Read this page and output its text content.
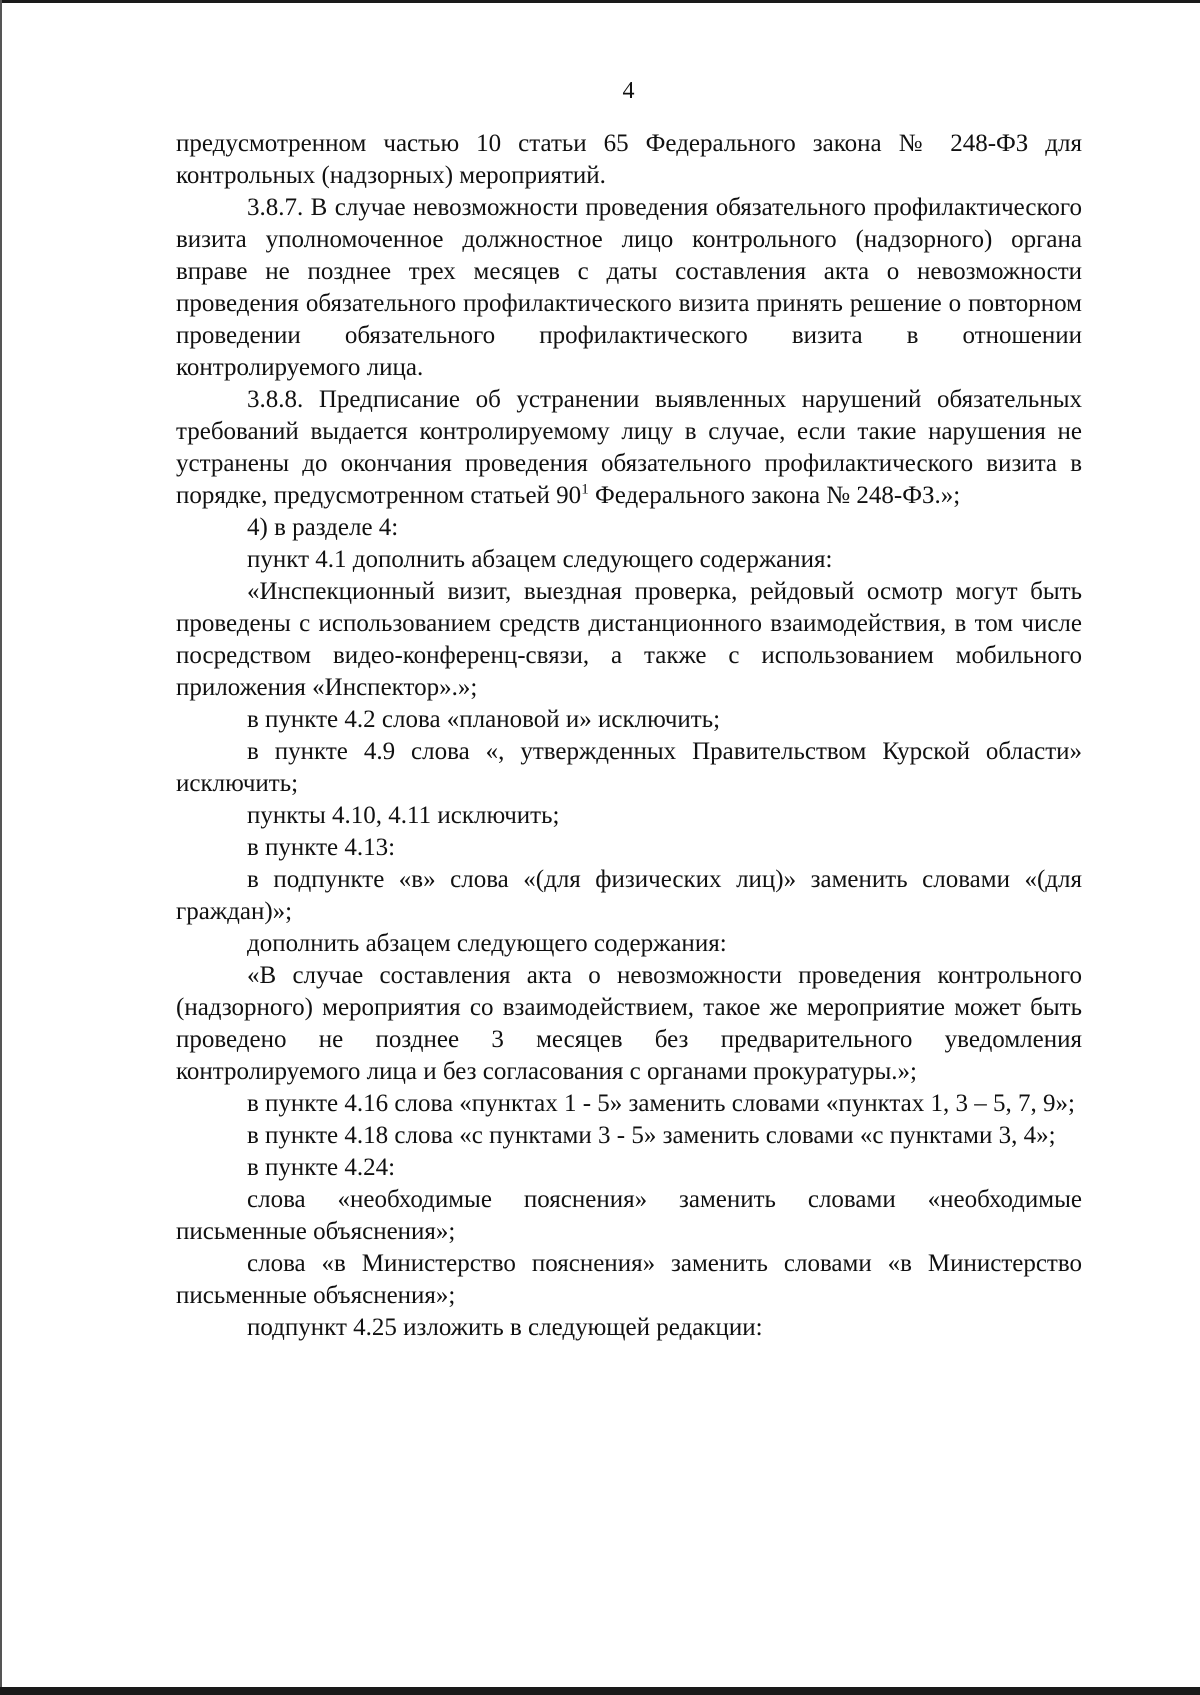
4

предусмотренном частью 10 статьи 65 Федерального закона № 248-ФЗ для контрольных (надзорных) мероприятий.

3.8.7. В случае невозможности проведения обязательного профилактического визита уполномоченное должностное лицо контрольного (надзорного) органа вправе не позднее трех месяцев с даты составления акта о невозможности проведения обязательного профилактического визита принять решение о повторном проведении обязательного профилактического визита в отношении контролируемого лица.

3.8.8. Предписание об устранении выявленных нарушений обязательных требований выдается контролируемому лицу в случае, если такие нарушения не устранены до окончания проведения обязательного профилактического визита в порядке, предусмотренном статьей $90^1$ Федерального закона № 248-ФЗ.»;

4) в разделе 4:

пункт 4.1 дополнить абзацем следующего содержания:

«Инспекционный визит, выездная проверка, рейдовый осмотр могут быть проведены с использованием средств дистанционного взаимодействия, в том числе посредством видео-конференц-связи, а также с использованием мобильного приложения «Инспектор».»;

в пункте 4.2 слова «плановой и» исключить;

в пункте 4.9 слова «, утвержденных Правительством Курской области» исключить;

пункты 4.10, 4.11 исключить;

в пункте 4.13:

в подпункте «в» слова «(для физических лиц)» заменить словами «(для граждан)»;

дополнить абзацем следующего содержания:

«В случае составления акта о невозможности проведения контрольного (надзорного) мероприятия со взаимодействием, такое же мероприятие может быть проведено не позднее 3 месяцев без предварительного уведомления контролируемого лица и без согласования с органами прокуратуры.»;

в пункте 4.16 слова «пунктах 1 - 5» заменить словами «пунктах 1, 3 – 5, 7, 9»;

в пункте 4.18 слова «с пунктами 3 - 5» заменить словами «с пунктами 3, 4»;

в пункте 4.24:

слова «необходимые пояснения» заменить словами «необходимые письменные объяснения»;

слова «в Министерство пояснения» заменить словами «в Министерство письменные объяснения»;

подпункт 4.25 изложить в следующей редакции:
